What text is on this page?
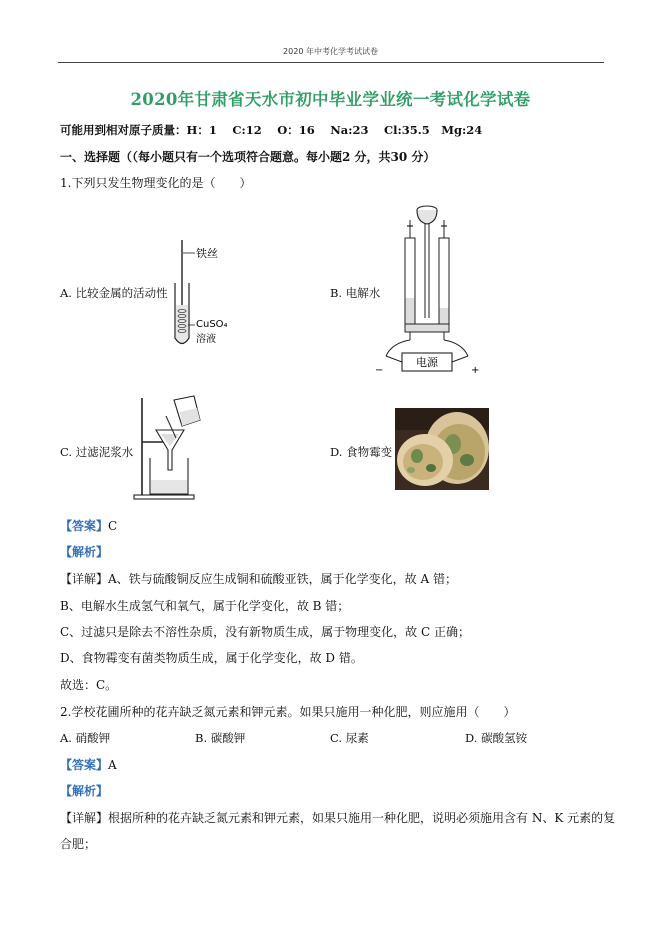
2020 年中考化学考试试卷
2020年甘肃省天水市初中毕业学业统一考试化学试卷
可能用到相对原子质量：H：1　 C:12　 O：16　 Na:23　 Cl:35.5　Mg:24
一、选择题（（每小题只有一个选项符合题意。每小题2 分，共30 分）
1.下列只发生物理变化的是（　　）
铁丝
CuSO₄
溶液
A. 比较金属的活动性
电源
−	+
B. 电解水
C. 过滤泥浆水	D. 食物霉变
【答案】C
【解析】
【详解】A、铁与硫酸铜反应生成铜和硫酸亚铁，属于化学变化，故 A 错；
B、电解水生成氢气和氧气，属于化学变化，故 B 错；
C、过滤只是除去不溶性杂质，没有新物质生成，属于物理变化，故 C 正确；
D、食物霉变有菌类物质生成，属于化学变化，故 D 错。
故选：C。
2.学校花圃所种的花卉缺乏氮元素和钾元素。如果只施用一种化肥，则应施用（　　）
A. 硝酸钾	B. 碳酸钾	C. 尿素	D. 碳酸氢铵
【答案】A
【解析】
【详解】根据所种的花卉缺乏氮元素和钾元素，如果只施用一种化肥，说明必须施用含有 N、K 元素的复
合肥；
